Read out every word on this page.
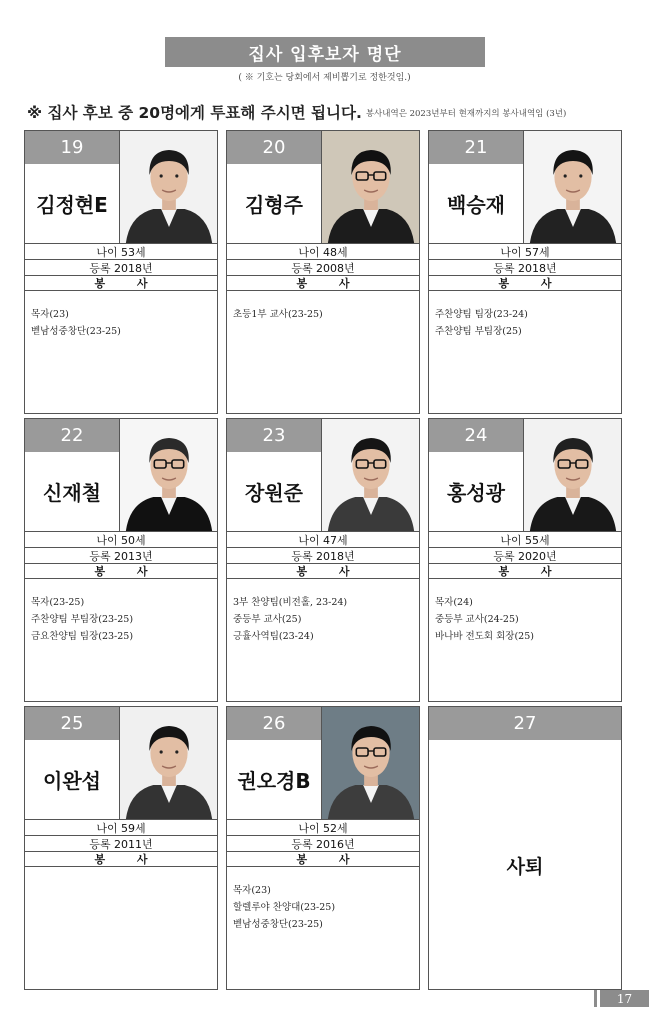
집사 입후보자 명단
( ※ 기호는 당회에서 제비뽑기로 정한것임.)
※ 집사 후보 중 20명에게 투표해 주시면 됩니다. $^{봉사내역은 2023년부터 현재까지의 봉사내역임 (3년)}$
19
김정현E
나이 53세
등록 2018년
봉 사
목자(23)
벧남성중창단(23-25)
20
김형주
나이 48세
등록 2008년
봉 사
초등1부 교사(23-25)
21
백승재
나이 57세
등록 2018년
봉 사
주찬양팀 팀장(23-24)
주찬양팀 부팀장(25)
22
신재철
나이 50세
등록 2013년
봉 사
목자(23-25)
주찬양팀 부팀장(23-25)
금요찬양팀 팀장(23-25)
23
장원준
나이 47세
등록 2018년
봉 사
3부 찬양팀(비전홀, 23-24)
중등부 교사(25)
긍휼사역팀(23-24)
24
홍성광
나이 55세
등록 2020년
봉 사
목자(24)
중등부 교사(24-25)
바나바 전도회 회장(25)
25
이완섭
나이 59세
등록 2011년
봉 사
26
권오경B
나이 52세
등록 2016년
봉 사
목자(23)
할렐루야 찬양대(23-25)
벧남성중창단(23-25)
27
사퇴
17
